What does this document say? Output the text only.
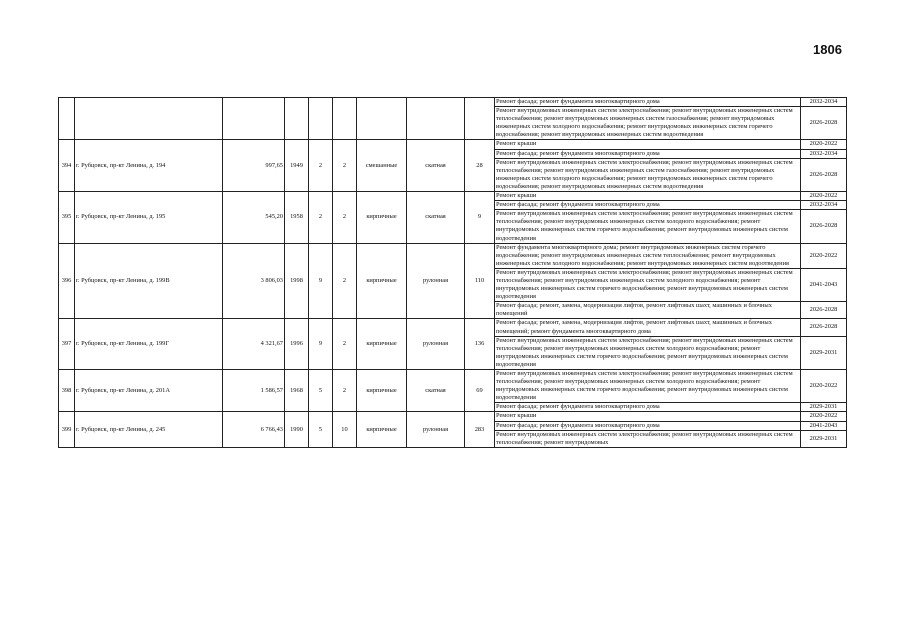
1806
									Ремонт фасада; ремонт фундамента многоквартирного дома	2032-2034
									Ремонт внутридомовых инженерных систем электроснабжения; ремонт внутридомовых инженерных систем теплоснабжения; ремонт внутридомовых инженерных систем газоснабжения; ремонт внутридомовых инженерных систем холодного водоснабжения; ремонт внутридомовых инженерных систем горячего водоснабжения; ремонт внутридомовых инженерных систем водоотведения	2026-2028
394	г. Рубцовск, пр-кт Ленина, д. 194	997,65	1949	2	2	смешанные	скатная	28	Ремонт крыши	2020-2022
									Ремонт фасада; ремонт фундамента многоквартирного дома	2032-2034
									Ремонт внутридомовых инженерных систем электроснабжения; ремонт внутридомовых инженерных систем теплоснабжения; ремонт внутридомовых инженерных систем газоснабжения; ремонт внутридомовых инженерных систем холодного водоснабжения; ремонт внутридомовых инженерных систем горячего водоснабжения; ремонт внутридомовых инженерных систем водоотведения	2026-2028
395	г. Рубцовск, пр-кт Ленина, д. 195	545,20	1958	2	2	кирпичные	скатная	9	Ремонт крыши	2020-2022
									Ремонт фасада; ремонт фундамента многоквартирного дома	2032-2034
									Ремонт внутридомовых инженерных систем электроснабжения; ремонт внутридомовых инженерных систем теплоснабжения; ремонт внутридомовых инженерных систем холодного водоснабжения; ремонт внутридомовых инженерных систем горячего водоснабжения; ремонт внутридомовых инженерных систем водоотведения	2026-2028
396	г. Рубцовск, пр-кт Ленина, д. 199В	3 806,03	1998	9	2	кирпичные	рулонная	110	Ремонт фундамента многоквартирного дома; ремонт внутридомовых инженерных систем горячего водоснабжения; ремонт внутридомовых инженерных систем теплоснабжения; ремонт внутридомовых инженерных систем холодного водоснабжения; ремонт внутридомовых инженерных систем водоотведения	2020-2022
									Ремонт внутридомовых инженерных систем электроснабжения; ремонт внутридомовых инженерных систем теплоснабжения; ремонт внутридомовых инженерных систем холодного водоснабжения; ремонт внутридомовых инженерных систем горячего водоснабжения; ремонт внутридомовых инженерных систем водоотведения	2041-2043
									Ремонт фасада; ремонт, замена, модернизация лифтов, ремонт лифтовых шахт, машинных и блочных помещений	2026-2028
397	г. Рубцовск, пр-кт Ленина, д. 199Г	4 321,67	1996	9	2	кирпичные	рулонная	136	Ремонт фасада; ремонт, замена, модернизация лифтов, ремонт лифтовых шахт, машинных и блочных помещений; ремонт фундамента многоквартирного дома	2026-2028
									Ремонт внутридомовых инженерных систем электроснабжения; ремонт внутридомовых инженерных систем теплоснабжения; ремонт внутридомовых инженерных систем холодного водоснабжения; ремонт внутридомовых инженерных систем горячего водоснабжения; ремонт внутридомовых инженерных систем водоотведения	2029-2031
398	г. Рубцовск, пр-кт Ленина, д. 201А	1 586,57	1968	5	2	кирпичные	скатная	69	Ремонт внутридомовых инженерных систем электроснабжения; ремонт внутридомовых инженерных систем теплоснабжения; ремонт внутридомовых инженерных систем холодного водоснабжения; ремонт внутридомовых инженерных систем горячего водоснабжения; ремонт внутридомовых инженерных систем водоотведения	2020-2022
									Ремонт фасада; ремонт фундамента многоквартирного дома	2029-2031
399	г. Рубцовск, пр-кт Ленина, д. 245	6 766,43	1990	5	10	кирпичные	рулонная	283	Ремонт крыши	2020-2022
									Ремонт фасада; ремонт фундамента многоквартирного дома	2041-2043
									Ремонт внутридомовых инженерных систем электроснабжения; ремонт внутридомовых инженерных систем теплоснабжения; ремонт внутридомовых	2029-2031
